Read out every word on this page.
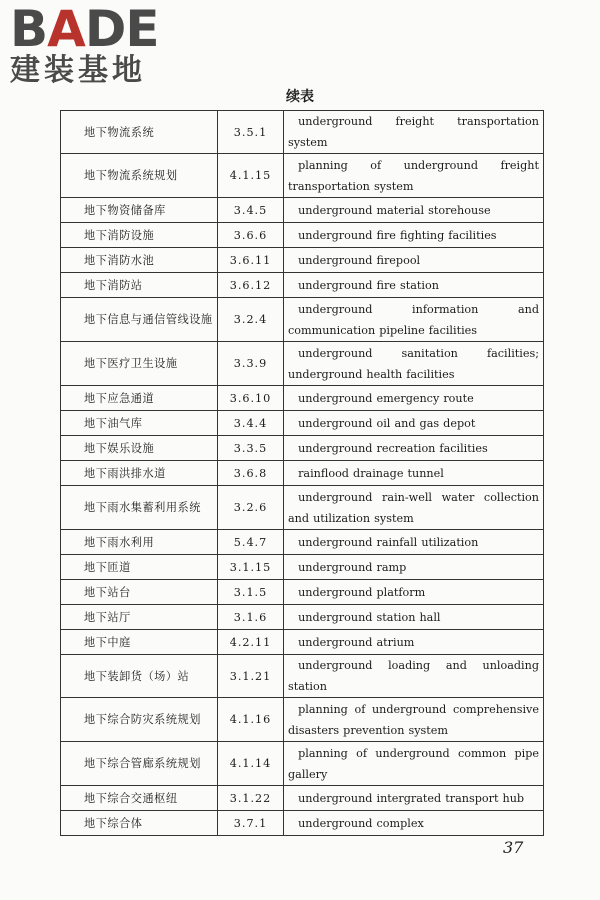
BADE
建装基地
续表
地下物流系统	3.5.1	underground freight transportation system
地下物流系统规划	4.1.15	planning of underground freight transportation system
地下物资储备库	3.4.5	underground material storehouse
地下消防设施	3.6.6	underground fire fighting facilities
地下消防水池	3.6.11	underground firepool
地下消防站	3.6.12	underground fire station
地下信息与通信管线设施	3.2.4	underground information and communication pipeline facilities
地下医疗卫生设施	3.3.9	underground sanitation facilities; underground health facilities
地下应急通道	3.6.10	underground emergency route
地下油气库	3.4.4	underground oil and gas depot
地下娱乐设施	3.3.5	underground recreation facilities
地下雨洪排水道	3.6.8	rainflood drainage tunnel
地下雨水集蓄利用系统	3.2.6	underground rain-well water collection and utilization system
地下雨水利用	5.4.7	underground rainfall utilization
地下匝道	3.1.15	underground ramp
地下站台	3.1.5	underground platform
地下站厅	3.1.6	underground station hall
地下中庭	4.2.11	underground atrium
地下装卸货（场）站	3.1.21	underground loading and unloading station
地下综合防灾系统规划	4.1.16	planning of underground comprehensive disasters prevention system
地下综合管廊系统规划	4.1.14	planning of underground common pipe gallery
地下综合交通枢纽	3.1.22	underground intergrated transport hub
地下综合体	3.7.1	underground complex
37
